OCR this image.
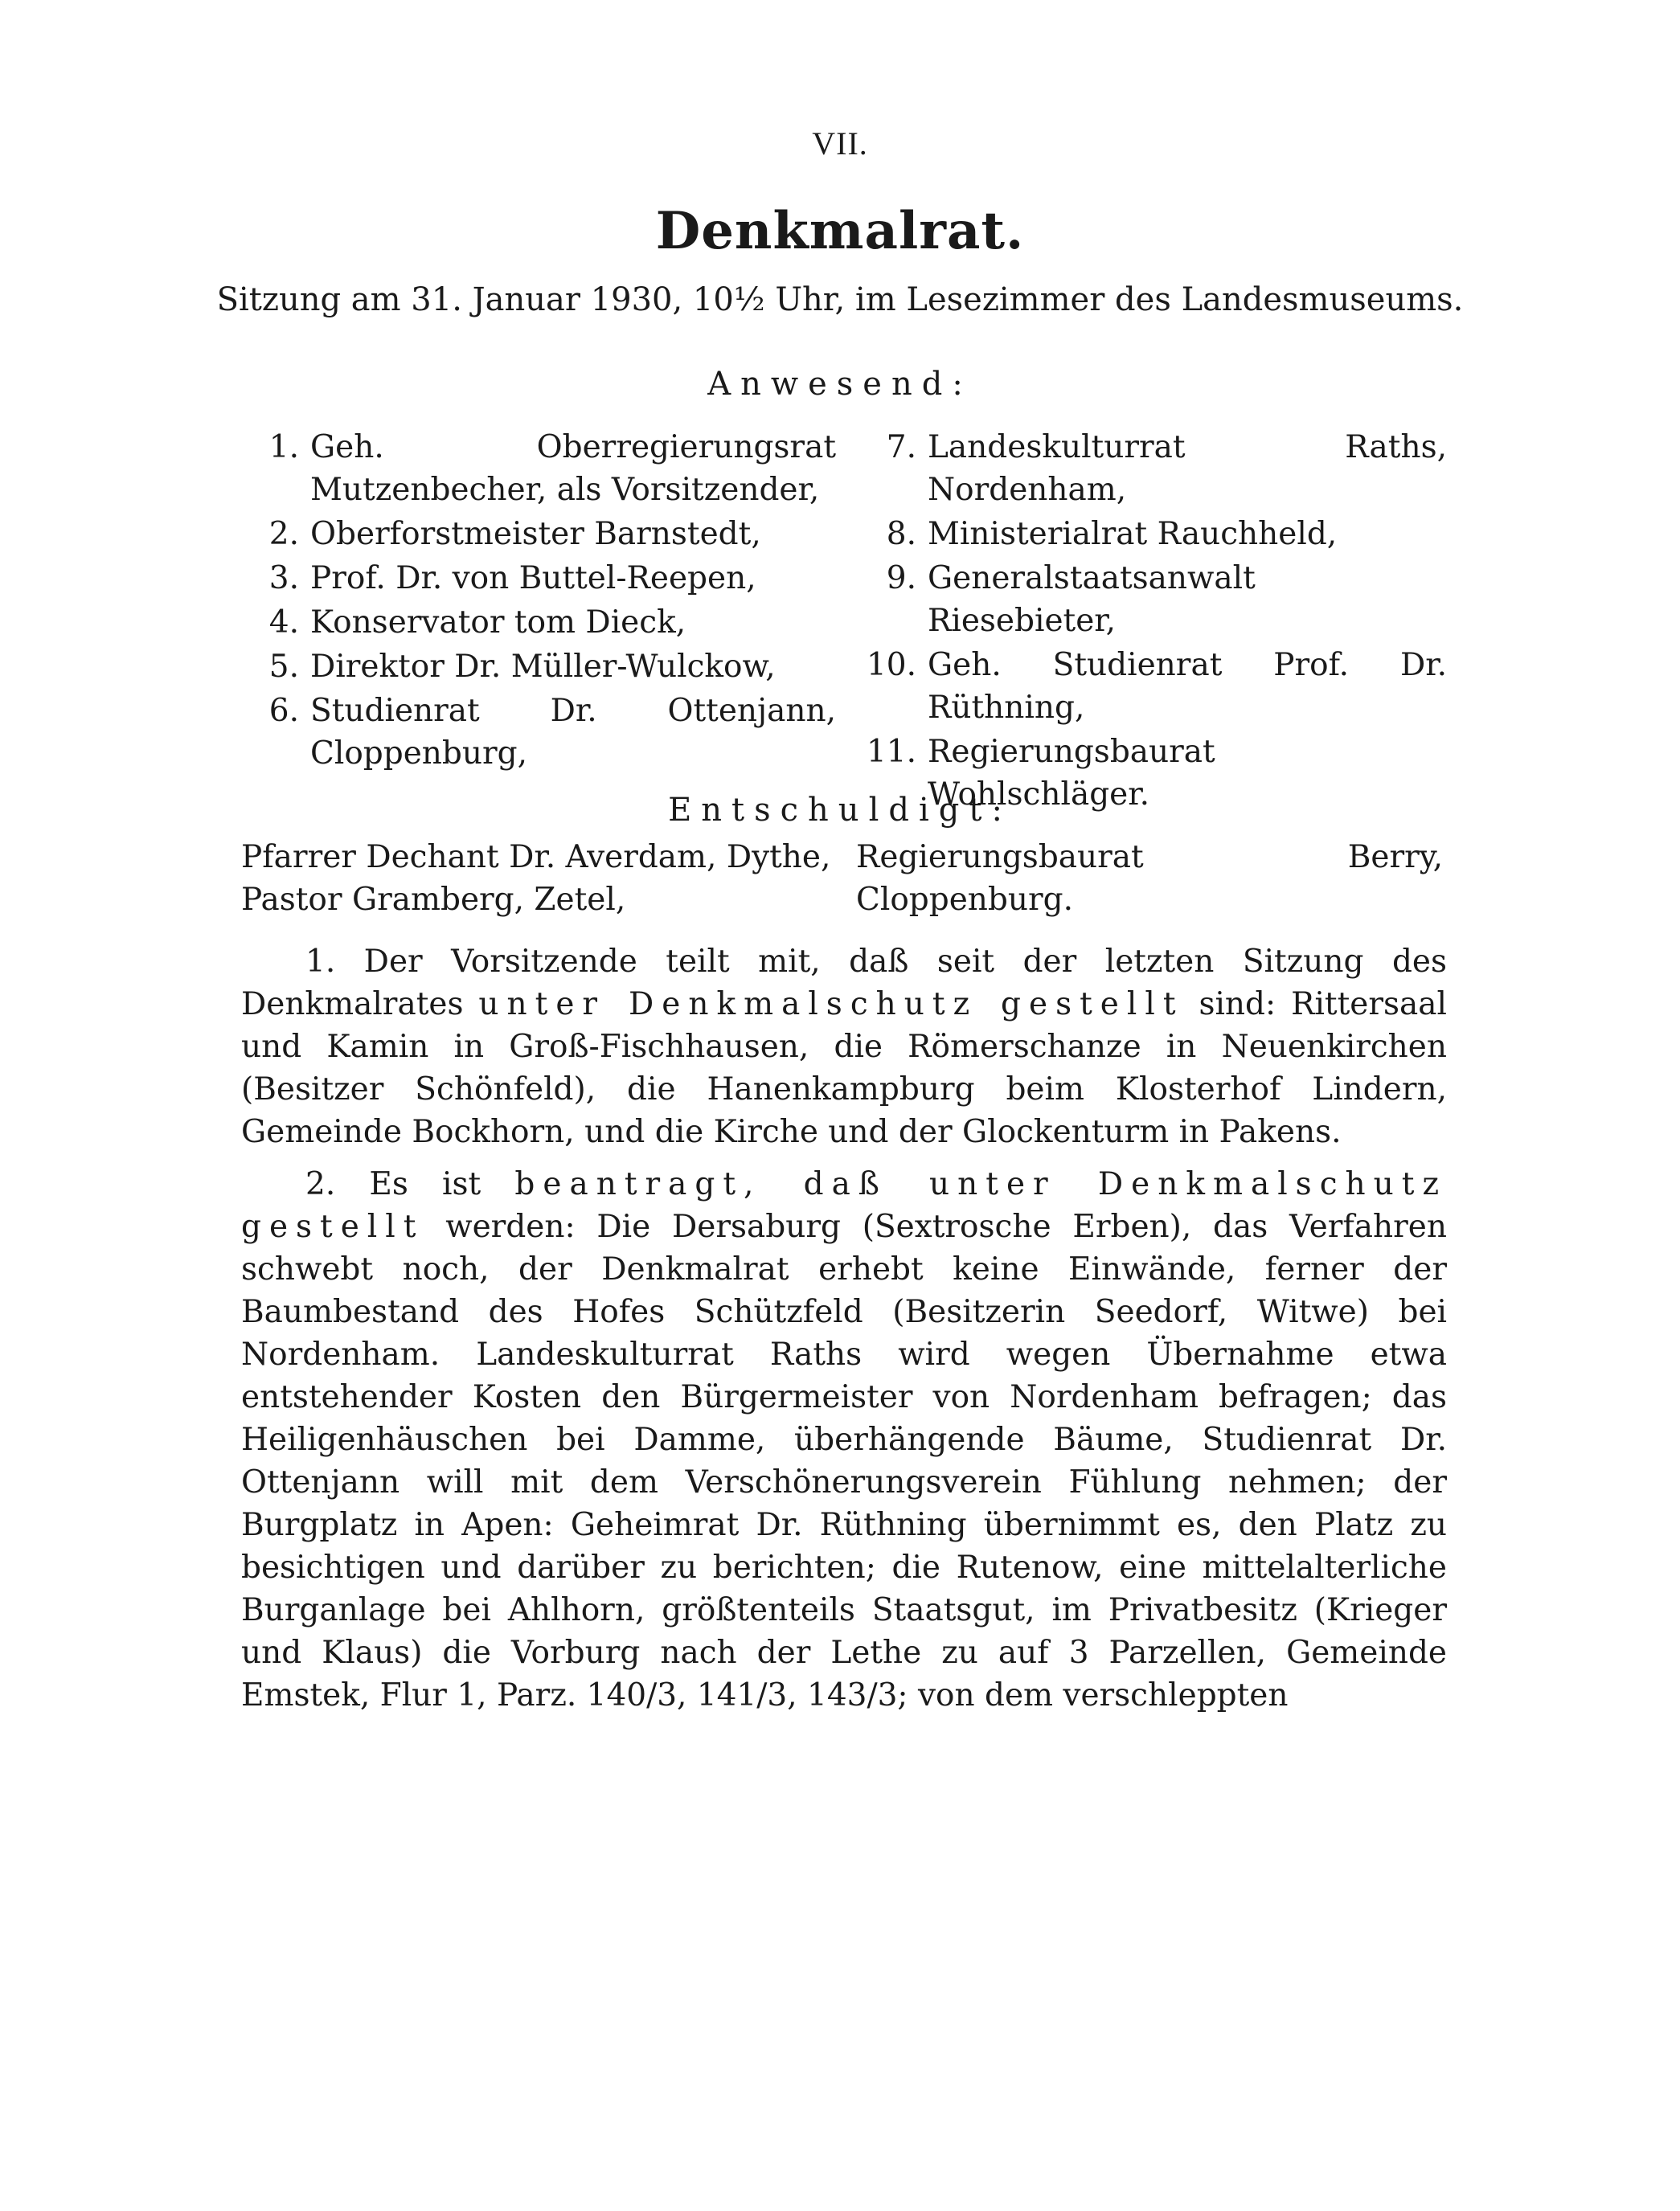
VII.
Denkmalrat.
Sitzung am 31. Januar 1930, 10½ Uhr, im Lesezimmer des Landesmuseums.
Anwesend:
1. Geh. Oberregierungsrat Mutzenbecher, als Vorsitzender,
2. Oberforstmeister Barnstedt,
3. Prof. Dr. von Buttel-Reepen,
4. Konservator tom Dieck,
5. Direktor Dr. Müller-Wulckow,
6. Studienrat Dr. Ottenjann, Cloppenburg,
7. Landeskulturrat Raths, Nordenham,
8. Ministerialrat Rauchheld,
9. Generalstaatsanwalt Riesebieter,
10. Geh. Studienrat Prof. Dr. Rüthning,
11. Regierungsbaurat Wohlschläger.
Entschuldigt:
Pfarrer Dechant Dr. Averdam, Dythe,
Pastor Gramberg, Zetel,
Regierungsbaurat Berry, Cloppenburg.

1. Der Vorsitzende teilt mit, daß seit der letzten Sitzung des Denkmalrates unter Denkmalschutz gestellt sind: Rittersaal und Kamin in Groß-Fischhausen, die Römerschanze in Neuenkirchen (Besitzer Schönfeld), die Hanenkampburg beim Klosterhof Lindern, Gemeinde Bockhorn, und die Kirche und der Glockenturm in Pakens.

2. Es ist beantragt, daß unter Denkmalschutz gestellt werden: Die Dersaburg (Sextrosche Erben), das Verfahren schwebt noch, der Denkmalrat erhebt keine Einwände, ferner der Baumbestand des Hofes Schützfeld (Besitzerin Seedorf, Witwe) bei Nordenham. Landeskulturrat Raths wird wegen Übernahme etwa entstehender Kosten den Bürgermeister von Nordenham befragen; das Heiligenhäuschen bei Damme, überhängende Bäume, Studienrat Dr. Ottenjann will mit dem Verschönerungsverein Fühlung nehmen; der Burgplatz in Apen: Geheimrat Dr. Rüthning übernimmt es, den Platz zu besichtigen und darüber zu berichten; die Rutenow, eine mittelalterliche Burganlage bei Ahlhorn, größtenteils Staatsgut, im Privatbesitz (Krieger und Klaus) die Vorburg nach der Lethe zu auf 3 Parzellen, Gemeinde Emstek, Flur 1, Parz. 140/3, 141/3, 143/3; von dem verschleppten
